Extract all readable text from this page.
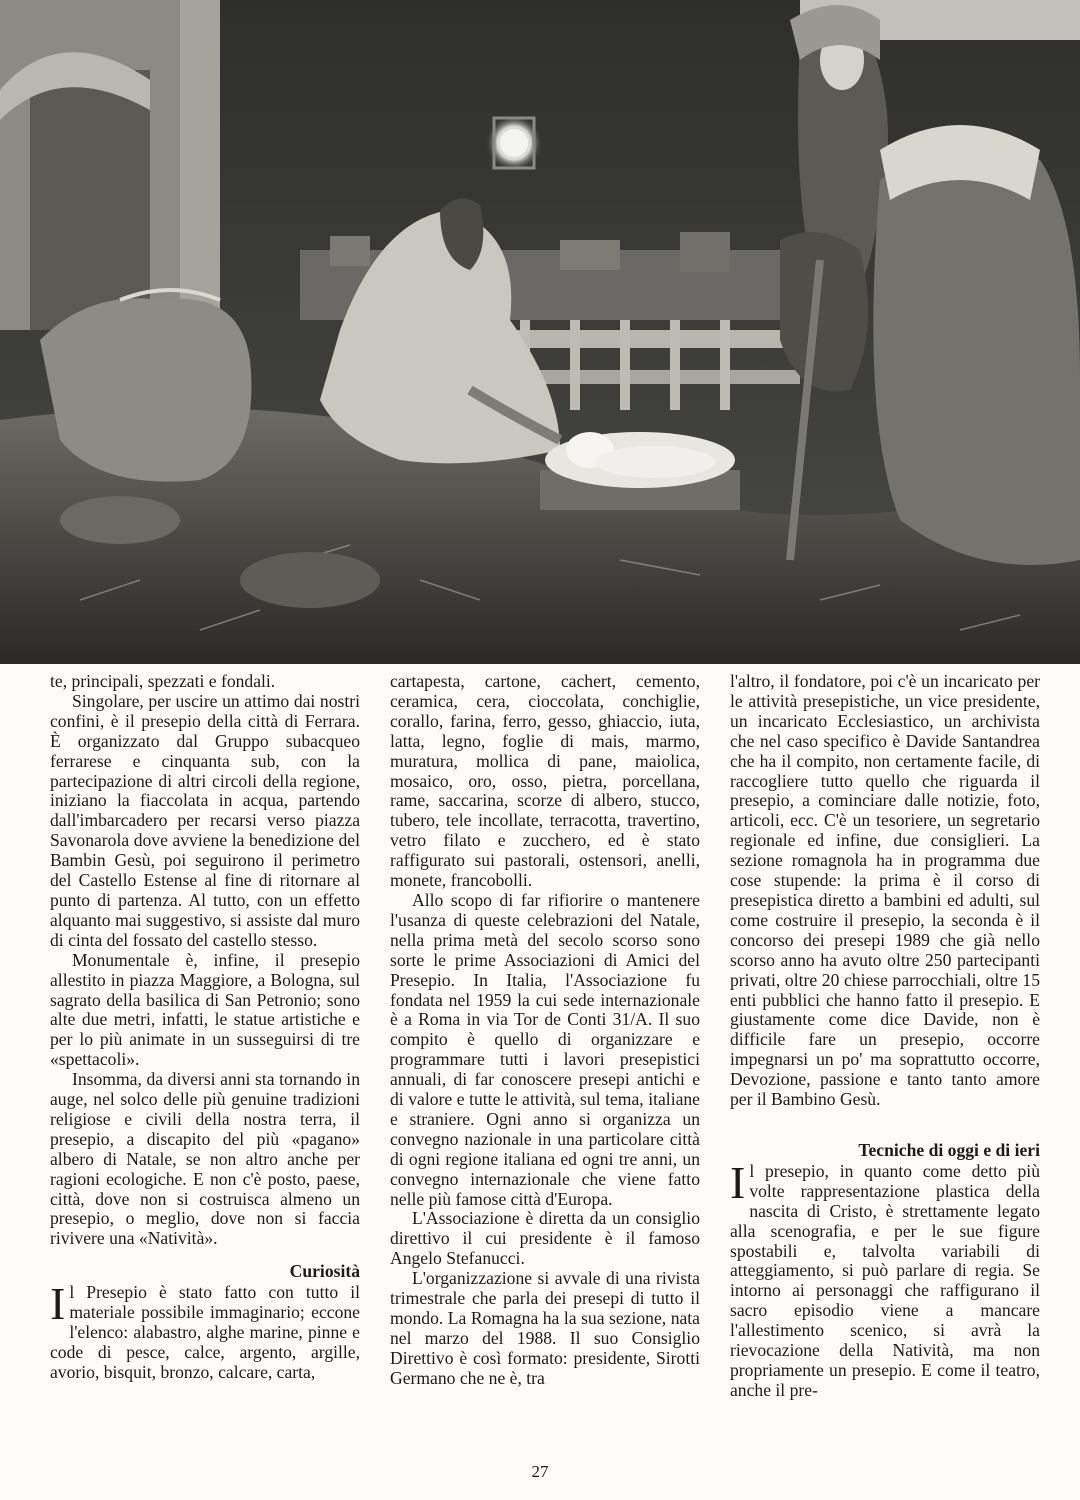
te, principali, spezzati e fondali.

Singolare, per uscire un attimo dai nostri confini, è il presepio della città di Ferrara. È organizzato dal Gruppo subacqueo ferrarese e cinquanta sub, con la partecipazione di altri circoli della regione, iniziano la fiaccolata in acqua, partendo dall'imbarcadero per recarsi verso piazza Savonarola dove avviene la benedizione del Bambin Gesù, poi seguirono il perimetro del Castello Estense al fine di ritornare al punto di partenza. Al tutto, con un effetto alquanto mai suggestivo, si assiste dal muro di cinta del fossato del castello stesso.

Monumentale è, infine, il presepio allestito in piazza Maggiore, a Bologna, sul sagrato della basilica di San Petronio; sono alte due metri, infatti, le statue artistiche e per lo più animate in un susseguirsi di tre «spettacoli».

Insomma, da diversi anni sta tornando in auge, nel solco delle più genuine tradizioni religiose e civili della nostra terra, il presepio, a discapito del più «pagano» albero di Natale, se non altro anche per ragioni ecologiche. E non c'è posto, paese, città, dove non si costruisca almeno un presepio, o meglio, dove non si faccia rivivere una «Natività».

Curiosità

Il Presepio è stato fatto con tutto il materiale possibile immaginario; eccone l'elenco: alabastro, alghe marine, pinne e code di pesce, calce, argento, argille, avorio, bisquit, bronzo, calcare, carta,

cartapesta, cartone, cachert, cemento, ceramica, cera, cioccolata, conchiglie, corallo, farina, ferro, gesso, ghiaccio, iuta, latta, legno, foglie di mais, marmo, muratura, mollica di pane, maiolica, mosaico, oro, osso, pietra, porcellana, rame, saccarina, scorze di albero, stucco, tubero, tele incollate, terracotta, travertino, vetro filato e zucchero, ed è stato raffigurato sui pastorali, ostensori, anelli, monete, francobolli.

Allo scopo di far rifiorire o mantenere l'usanza di queste celebrazioni del Natale, nella prima metà del secolo scorso sono sorte le prime Associazioni di Amici del Presepio. In Italia, l'Associazione fu fondata nel 1959 la cui sede internazionale è a Roma in via Tor de Conti 31/A. Il suo compito è quello di organizzare e programmare tutti i lavori presepistici annuali, di far conoscere presepi antichi e di valore e tutte le attività, sul tema, italiane e straniere. Ogni anno si organizza un convegno nazionale in una particolare città di ogni regione italiana ed ogni tre anni, un convegno internazionale che viene fatto nelle più famose città d'Europa.

L'Associazione è diretta da un consiglio direttivo il cui presidente è il famoso Angelo Stefanucci.

L'organizzazione si avvale di una rivista trimestrale che parla dei presepi di tutto il mondo. La Romagna ha la sua sezione, nata nel marzo del 1988. Il suo Consiglio Direttivo è così formato: presidente, Sirotti Germano che ne è, tra

l'altro, il fondatore, poi c'è un incaricato per le attività presepistiche, un vice presidente, un incaricato Ecclesiastico, un archivista che nel caso specifico è Davide Santandrea che ha il compito, non certamente facile, di raccogliere tutto quello che riguarda il presepio, a cominciare dalle notizie, foto, articoli, ecc. C'è un tesoriere, un segretario regionale ed infine, due consiglieri. La sezione romagnola ha in programma due cose stupende: la prima è il corso di presepistica diretto a bambini ed adulti, sul come costruire il presepio, la seconda è il concorso dei presepi 1989 che già nello scorso anno ha avuto oltre 250 partecipanti privati, oltre 20 chiese parrocchiali, oltre 15 enti pubblici che hanno fatto il presepio. E giustamente come dice Davide, non è difficile fare un presepio, occorre impegnarsi un po' ma soprattutto occorre, Devozione, passione e tanto tanto amore per il Bambino Gesù.

Tecniche di oggi e di ieri

Il presepio, in quanto come detto più volte rappresentazione plastica della nascita di Cristo, è strettamente legato alla scenografia, e per le sue figure spostabili e, talvolta variabili di atteggiamento, si può parlare di regia. Se intorno ai personaggi che raffigurano il sacro episodio viene a mancare l'allestimento scenico, si avrà la rievocazione della Natività, ma non propriamente un presepio. E come il teatro, anche il pre-

27
